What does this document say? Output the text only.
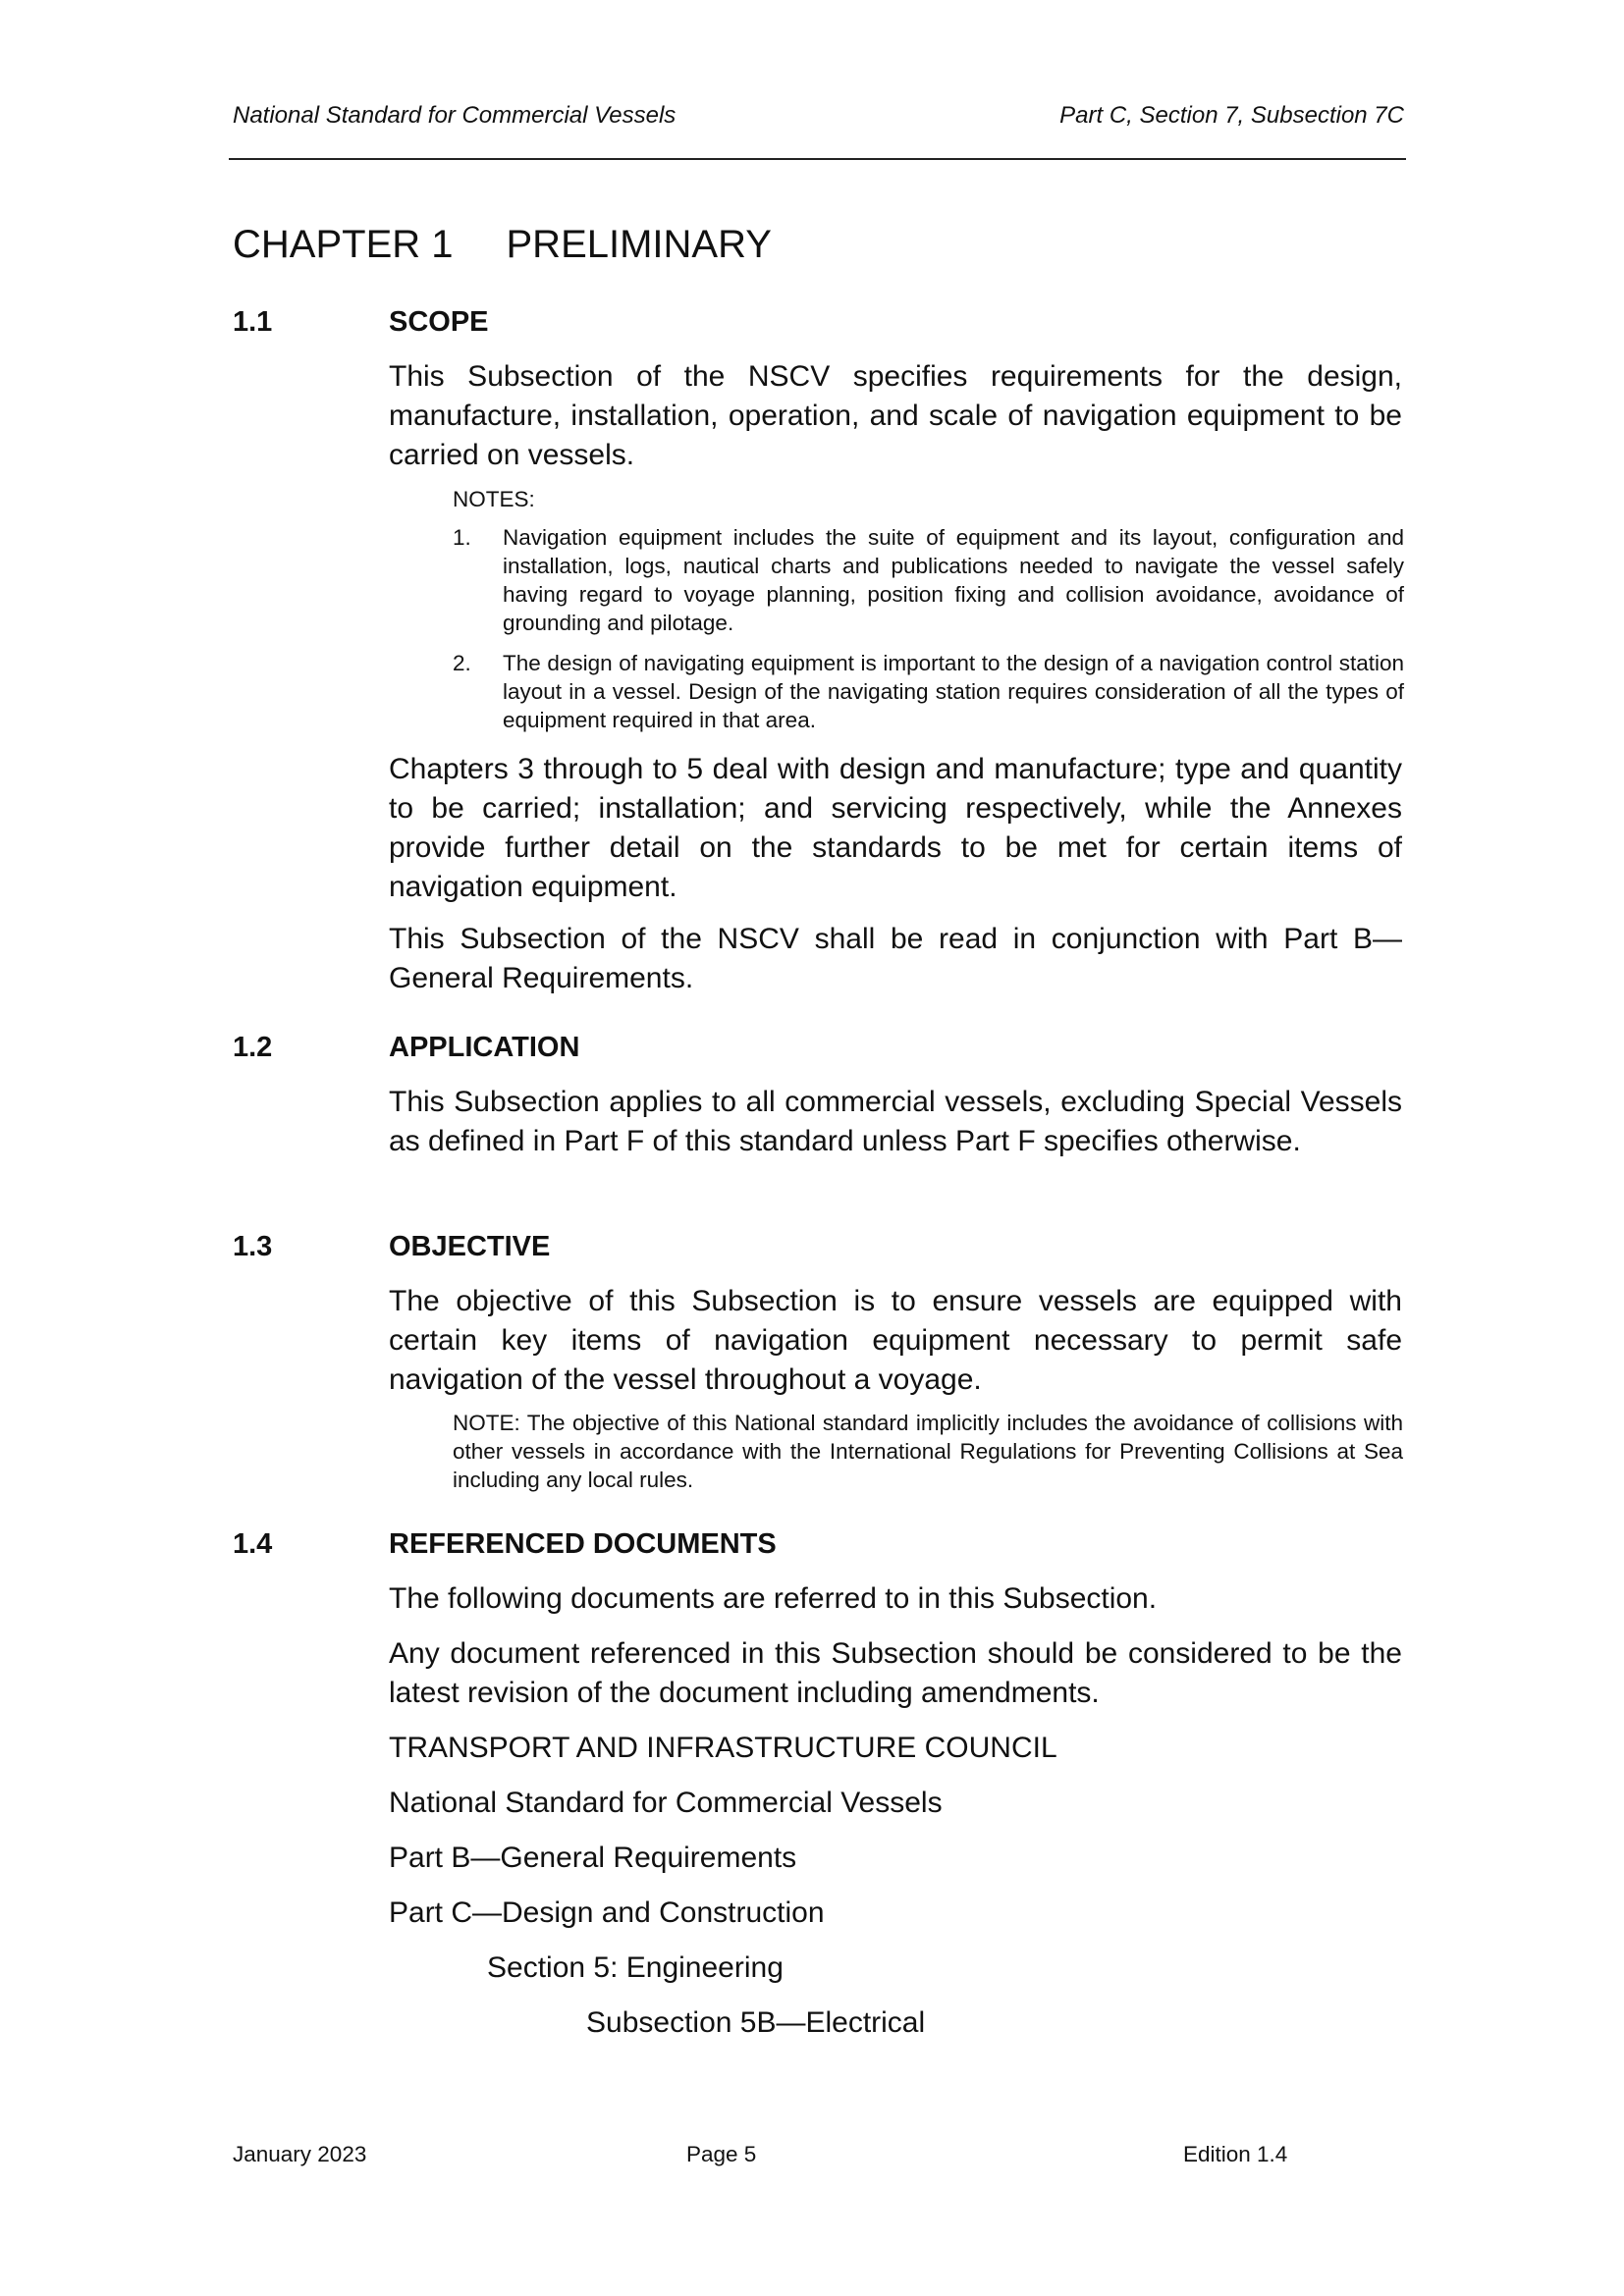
National Standard for Commercial Vessels	Part C, Section 7, Subsection 7C
CHAPTER 1 PRELIMINARY
1.1	SCOPE

This Subsection of the NSCV specifies requirements for the design, manufacture, installation, operation, and scale of navigation equipment to be carried on vessels.

NOTES:
1. Navigation equipment includes the suite of equipment and its layout, configuration and installation, logs, nautical charts and publications needed to navigate the vessel safely having regard to voyage planning, position fixing and collision avoidance, avoidance of grounding and pilotage.

2. The design of navigating equipment is important to the design of a navigation control station layout in a vessel. Design of the navigating station requires consideration of all the types of equipment required in that area.

Chapters 3 through to 5 deal with design and manufacture; type and quantity to be carried; installation; and servicing respectively, while the Annexes provide further detail on the standards to be met for certain items of navigation equipment.

This Subsection of the NSCV shall be read in conjunction with Part B—General Requirements.

1.2	APPLICATION

This Subsection applies to all commercial vessels, excluding Special Vessels as defined in Part F of this standard unless Part F specifies otherwise.

1.3	OBJECTIVE

The objective of this Subsection is to ensure vessels are equipped with certain key items of navigation equipment necessary to permit safe navigation of the vessel throughout a voyage.

NOTE: The objective of this National standard implicitly includes the avoidance of collisions with other vessels in accordance with the International Regulations for Preventing Collisions at Sea including any local rules.

1.4	REFERENCED DOCUMENTS

The following documents are referred to in this Subsection.

Any document referenced in this Subsection should be considered to be the latest revision of the document including amendments.

TRANSPORT AND INFRASTRUCTURE COUNCIL

National Standard for Commercial Vessels

Part B—General Requirements

Part C—Design and Construction

Section 5: Engineering

Subsection 5B—Electrical

January 2023	Page 5	Edition 1.4
